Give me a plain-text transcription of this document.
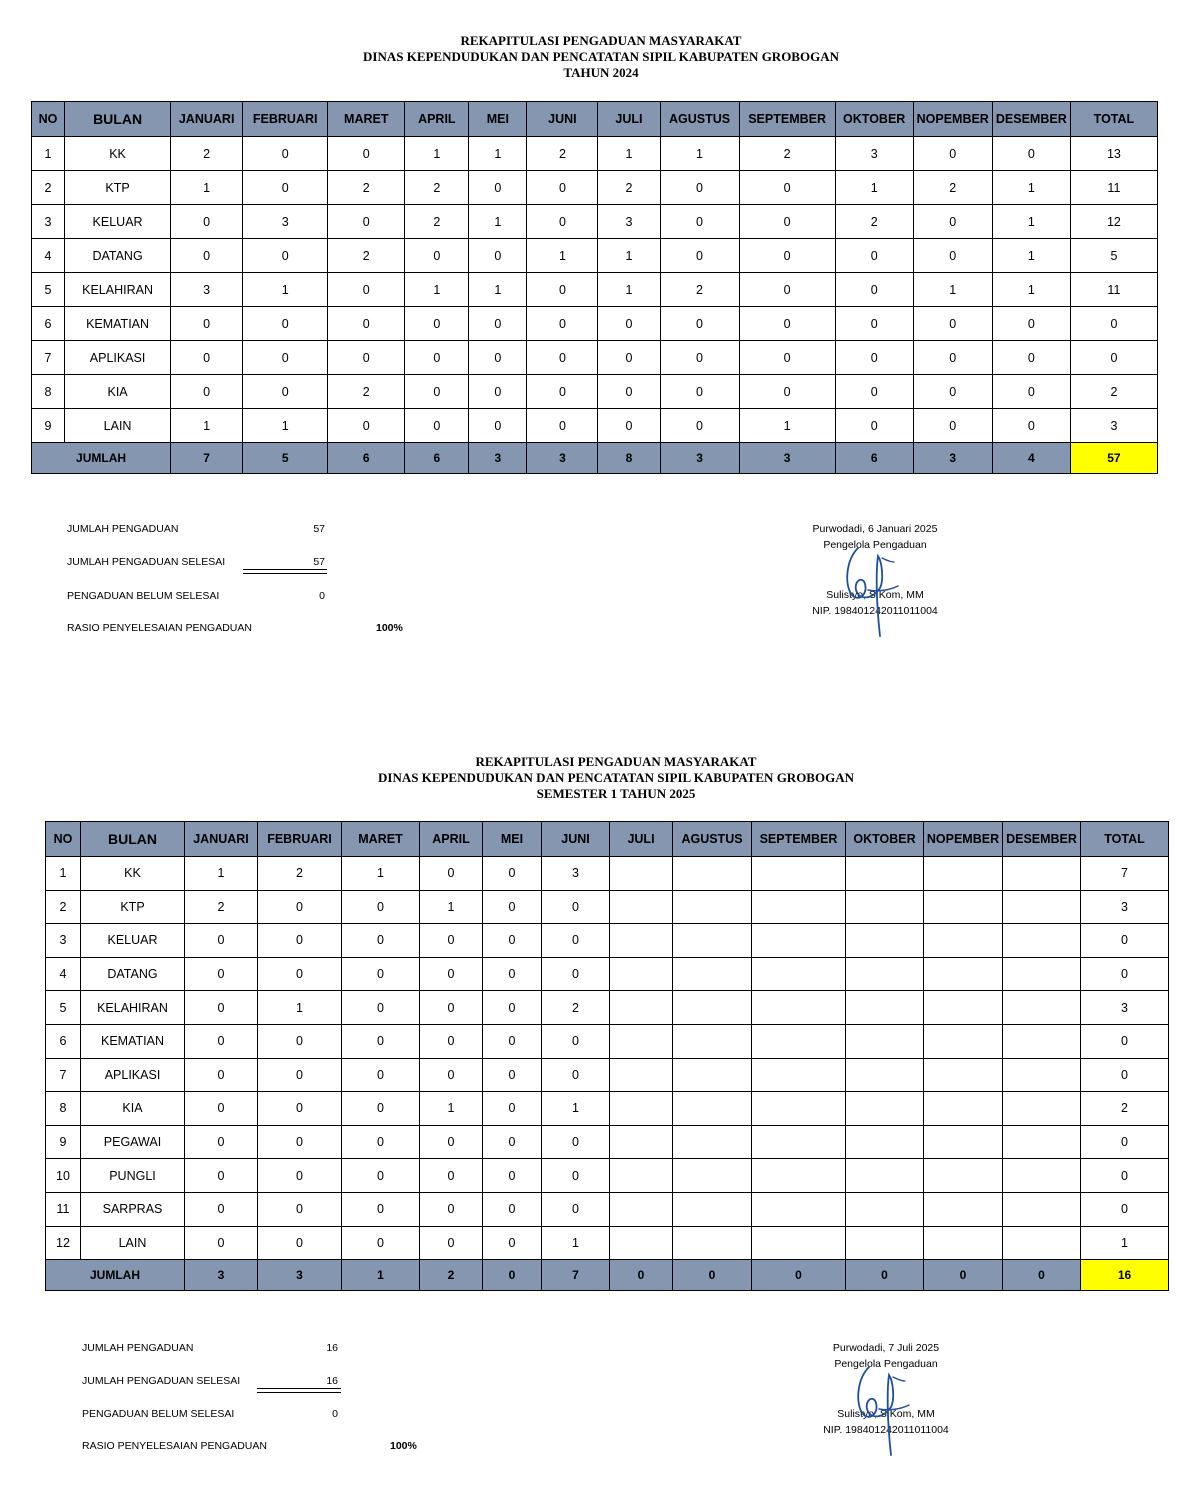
REKAPITULASI PENGADUAN MASYARAKAT
DINAS KEPENDUDUKAN DAN PENCATATAN SIPIL KABUPATEN GROBOGAN
TAHUN 2024
NO	BULAN	JANUARI	FEBRUARI	MARET	APRIL	MEI	JUNI	JULI	AGUSTUS	SEPTEMBER	OKTOBER	NOPEMBER	DESEMBER	TOTAL
1	KK	2	0	0	1	1	2	1	1	2	3	0	0	13
2	KTP	1	0	2	2	0	0	2	0	0	1	2	1	11
3	KELUAR	0	3	0	2	1	0	3	0	0	2	0	1	12
4	DATANG	0	0	2	0	0	1	1	0	0	0	0	1	5
5	KELAHIRAN	3	1	0	1	1	0	1	2	0	0	1	1	11
6	KEMATIAN	0	0	0	0	0	0	0	0	0	0	0	0	0
7	APLIKASI	0	0	0	0	0	0	0	0	0	0	0	0	0
8	KIA	0	0	2	0	0	0	0	0	0	0	0	0	2
9	LAIN	1	1	0	0	0	0	0	0	1	0	0	0	3
JUMLAH		7	5	6	6	3	3	8	3	3	6	3	4	57
JUMLAH PENGADUAN	57
JUMLAH PENGADUAN SELESAI	57
PENGADUAN BELUM SELESAI	0
RASIO PENYELESAIAN PENGADUAN	100%
Purwodadi, 6 Januari 2025
Pengelola Pengaduan
Sulistyo, S.Kom, MM
NIP. 198401242011011004
REKAPITULASI PENGADUAN MASYARAKAT
DINAS KEPENDUDUKAN DAN PENCATATAN SIPIL KABUPATEN GROBOGAN
SEMESTER 1 TAHUN 2025
NO	BULAN	JANUARI	FEBRUARI	MARET	APRIL	MEI	JUNI	JULI	AGUSTUS	SEPTEMBER	OKTOBER	NOPEMBER	DESEMBER	TOTAL
1	KK	1	2	1	0	0	3							7
2	KTP	2	0	0	1	0	0							3
3	KELUAR	0	0	0	0	0	0							0
4	DATANG	0	0	0	0	0	0							0
5	KELAHIRAN	0	1	0	0	0	2							3
6	KEMATIAN	0	0	0	0	0	0							0
7	APLIKASI	0	0	0	0	0	0							0
8	KIA	0	0	0	1	0	1							2
9	PEGAWAI	0	0	0	0	0	0							0
10	PUNGLI	0	0	0	0	0	0							0
11	SARPRAS	0	0	0	0	0	0							0
12	LAIN	0	0	0	0	0	1							1
JUMLAH		3	3	1	2	0	7	0	0	0	0	0	0	16
JUMLAH PENGADUAN	16
JUMLAH PENGADUAN SELESAI	16
PENGADUAN BELUM SELESAI	0
RASIO PENYELESAIAN PENGADUAN	100%
Purwodadi, 7 Juli 2025
Pengelola Pengaduan
Sulistyo, S.Kom, MM
NIP. 198401242011011004
